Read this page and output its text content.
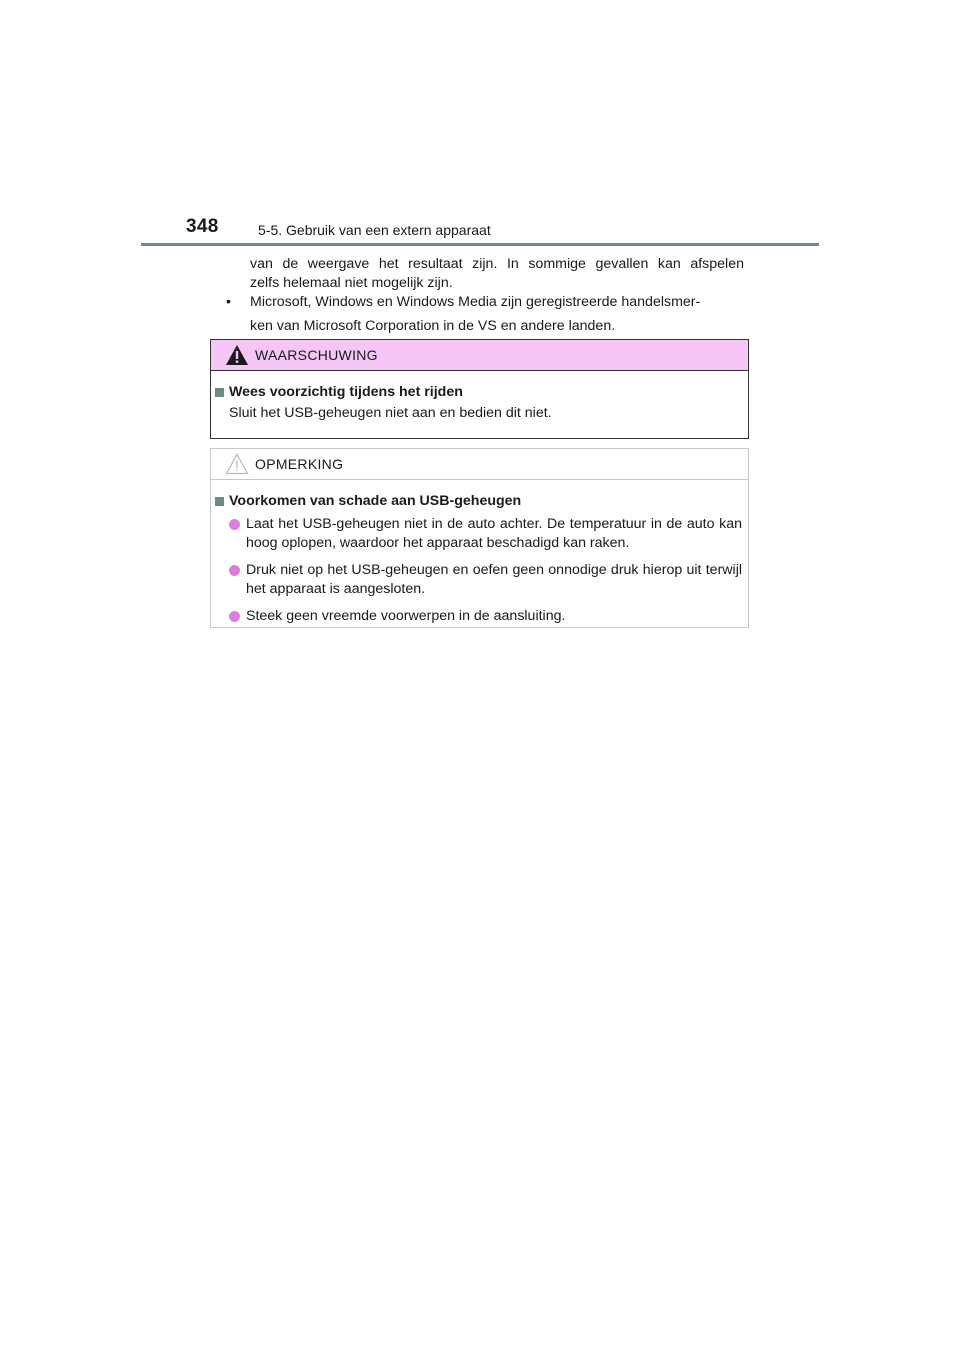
348	5-5. Gebruik van een extern apparaat

van de weergave het resultaat zijn. In sommige gevallen kan afspelen

zelfs helemaal niet mogelijk zijn.

• Microsoft, Windows en Windows Media zijn geregistreerde handelsmer-

ken van Microsoft Corporation in de VS en andere landen.

WAARSCHUWING
Wees voorzichtig tijdens het rijden
Sluit het USB-geheugen niet aan en bedien dit niet.
OPMERKING
Voorkomen van schade aan USB-geheugen
Laat het USB-geheugen niet in de auto achter. De temperatuur in de auto kan hoog oplopen, waardoor het apparaat beschadigd kan raken.
Druk niet op het USB-geheugen en oefen geen onnodige druk hierop uit terwijl het apparaat is aangesloten.
Steek geen vreemde voorwerpen in de aansluiting.
